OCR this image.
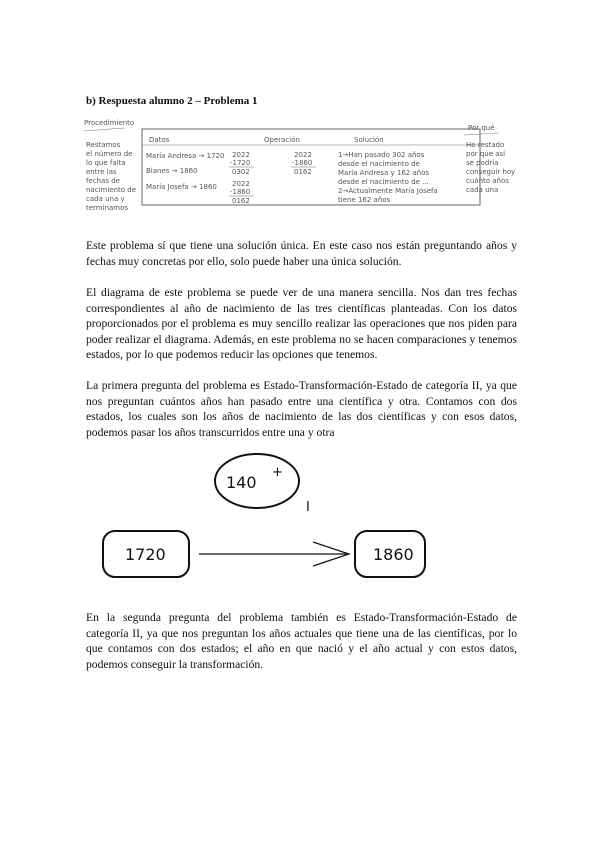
b) Respuesta alumno 2 – Problema 1
Procedimiento
Restamos
el número de
lo que falta
entre las
fechas de
nacimiento de
cada una y
terminamos
Datos
María Andresa → 1720
Blanes → 1860
María Josefa → 1860
Operación
2022
-1720
0302
2022
-1860
0162
2022
-1860
0162
Solución
1→Han pasado 302 años
desde el nacimiento de
María Andresa y 162 años
desde el nacimiento de ...
2→Actualmente María Josefa
tiene 162 años
Por qué
He restado
por que así
se podría
conseguir hoy
cuánto años
cada una

Este problema sí que tiene una solución única. En este caso nos están preguntando años y fechas muy concretas por ello, solo puede haber una única solución.

El diagrama de este problema se puede ver de una manera sencilla. Nos dan tres fechas correspondientes al año de nacimiento de las tres científicas planteadas. Con los datos proporcionados por el problema es muy sencillo realizar las operaciones que nos piden para poder realizar el diagrama. Además, en este problema no se hacen comparaciones y tenemos estados, por lo que podemos reducir las opciones que tenemos.

La primera pregunta del problema es Estado-Transformación-Estado de categoría II, ya que nos preguntan cuántos años han pasado entre una científica y otra. Contamos con dos estados, los cuales son los años de nacimiento de las dos científicas y con esos datos, podemos pasar los años transcurridos entre una y otra

140
+
I
1720	1860

En la segunda pregunta del problema también es Estado-Transformación-Estado de categoría II, ya que nos preguntan los años actuales que tiene una de las científicas, por lo que contamos con dos estados; el año en que nació y el año actual y con estos datos, podemos conseguir la transformación.
